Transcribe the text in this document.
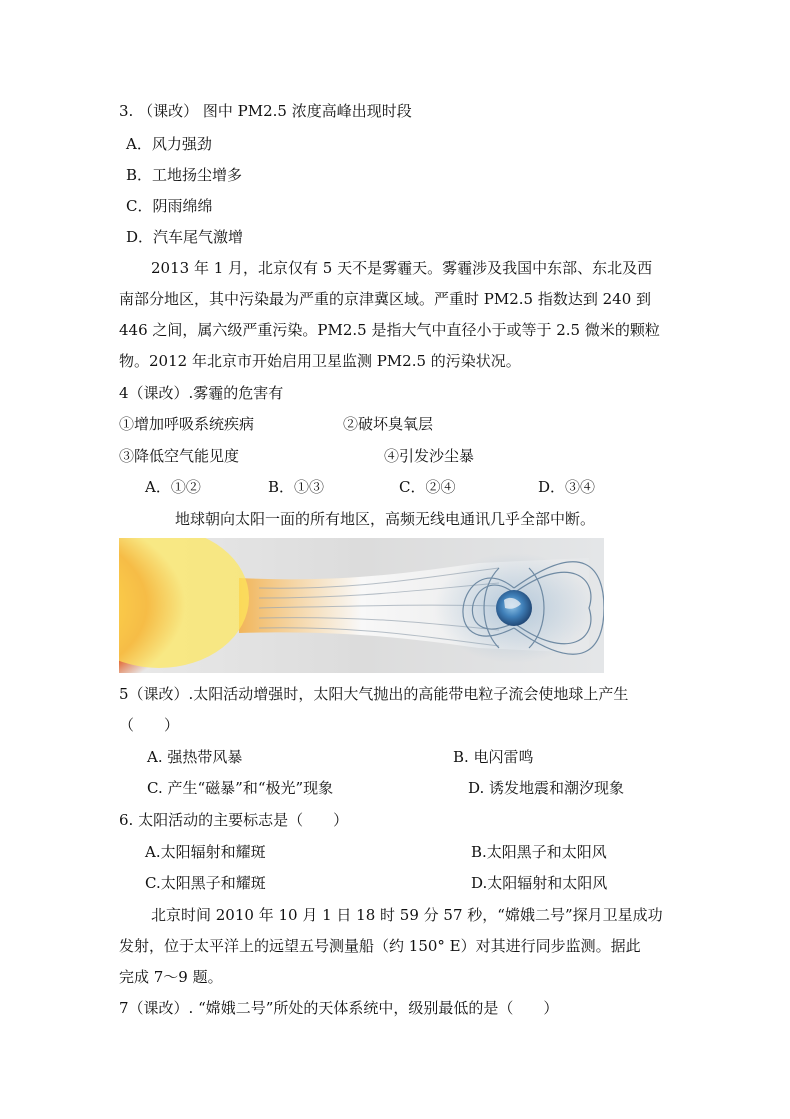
3. （课改） 图中 PM2.5 浓度高峰出现时段
A．风力强劲
B．工地扬尘增多
C．阴雨绵绵
D．汽车尾气激增
2013 年 1 月，北京仅有 5 天不是雾霾天。雾霾涉及我国中东部、东北及西
南部分地区，其中污染最为严重的京津冀区域。严重时 PM2.5 指数达到 240 到
446 之间，属六级严重污染。PM2.5 是指大气中直径小于或等于 2.5 微米的颗粒
物。2012 年北京市开始启用卫星监测 PM2.5 的污染状况。
4（课改）.雾霾的危害有
①增加呼吸系统疾病	②破坏臭氧层
③降低空气能见度	④引发沙尘暴
A．①②	B．①③	C．②④	D．③④
地球朝向太阳一面的所有地区，高频无线电通讯几乎全部中断。
5（课改）.太阳活动增强时，太阳大气抛出的高能带电粒子流会使地球上产生
（　　）
A. 强热带风暴	B. 电闪雷鸣
C. 产生“磁暴”和“极光”现象	D. 诱发地震和潮汐现象
6. 太阳活动的主要标志是（　　）
A.太阳辐射和耀斑	B.太阳黑子和太阳风
C.太阳黑子和耀斑	D.太阳辐射和太阳风
北京时间 2010 年 10 月 1 日 18 时 59 分 57 秒，“嫦娥二号”探月卫星成功
发射，位于太平洋上的远望五号测量船（约 150° E）对其进行同步监测。据此
完成 7～9 题。
7（课改）. “嫦娥二号”所处的天体系统中，级别最低的是（　　）
